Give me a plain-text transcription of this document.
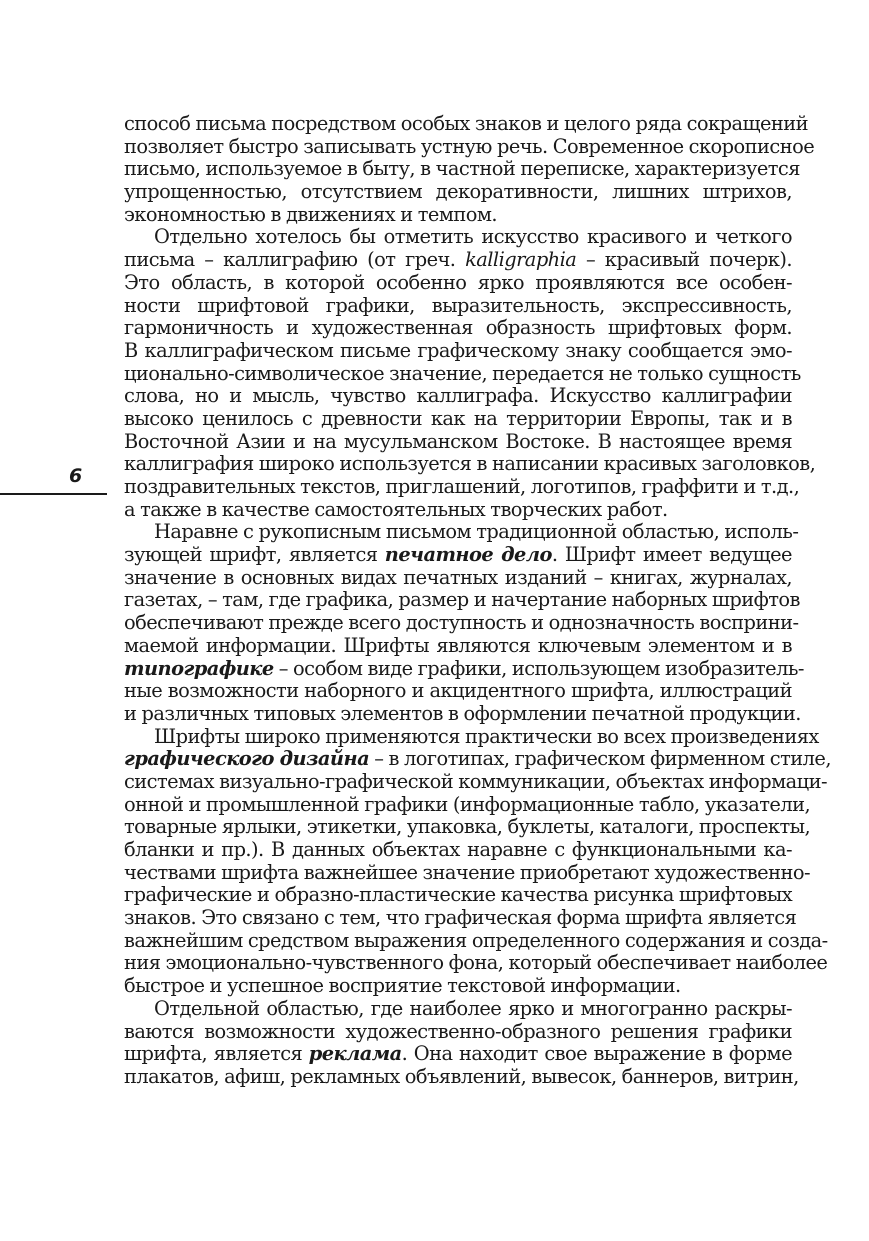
6
способ письма посредством особых знаков и целого ряда сокращений
позволяет быстро записывать устную речь. Современное скорописное
письмо, используемое в быту, в частной переписке, характеризуется
упрощенностью, отсутствием декоративности, лишних штрихов,
экономностью в движениях и темпом.
Отдельно хотелось бы отметить искусство красивого и четкого
письма – каллиграфию (от греч. kalligraphia – красивый почерк).
Это область, в которой особенно ярко проявляются все особен-
ности шрифтовой графики, выразительность, экспрессивность,
гармоничность и художественная образность шрифтовых форм.
В каллиграфическом письме графическому знаку сообщается эмо-
ционально-символическое значение, передается не только сущность
слова, но и мысль, чувство каллиграфа. Искусство каллиграфии
высоко ценилось с древности как на территории Европы, так и в
Восточной Азии и на мусульманском Востоке. В настоящее время
каллиграфия широко используется в написании красивых заголовков,
поздравительных текстов, приглашений, логотипов, граффити и т.д.,
а также в качестве самостоятельных творческих работ.
Наравне с рукописным письмом традиционной областью, исполь-
зующей шрифт, является печатное дело. Шрифт имеет ведущее
значение в основных видах печатных изданий – книгах, журналах,
газетах, – там, где графика, размер и начертание наборных шрифтов
обеспечивают прежде всего доступность и однозначность восприни-
маемой информации. Шрифты являются ключевым элементом и в
типографике – особом виде графики, использующем изобразитель-
ные возможности наборного и акцидентного шрифта, иллюстраций
и различных типовых элементов в оформлении печатной продукции.
Шрифты широко применяются практически во всех произведениях
графического дизайна – в логотипах, графическом фирменном стиле,
системах визуально-графической коммуникации, объектах информаци-
онной и промышленной графики (информационные табло, указатели,
товарные ярлыки, этикетки, упаковка, буклеты, каталоги, проспекты,
бланки и пр.). В данных объектах наравне с функциональными ка-
чествами шрифта важнейшее значение приобретают художественно-
графические и образно-пластические качества рисунка шрифтовых
знаков. Это связано с тем, что графическая форма шрифта является
важнейшим средством выражения определенного содержания и созда-
ния эмоционально-чувственного фона, который обеспечивает наиболее
быстрое и успешное восприятие текстовой информации.
Отдельной областью, где наиболее ярко и многогранно раскры-
ваются возможности художественно-образного решения графики
шрифта, является реклама. Она находит свое выражение в форме
плакатов, афиш, рекламных объявлений, вывесок, баннеров, витрин,
